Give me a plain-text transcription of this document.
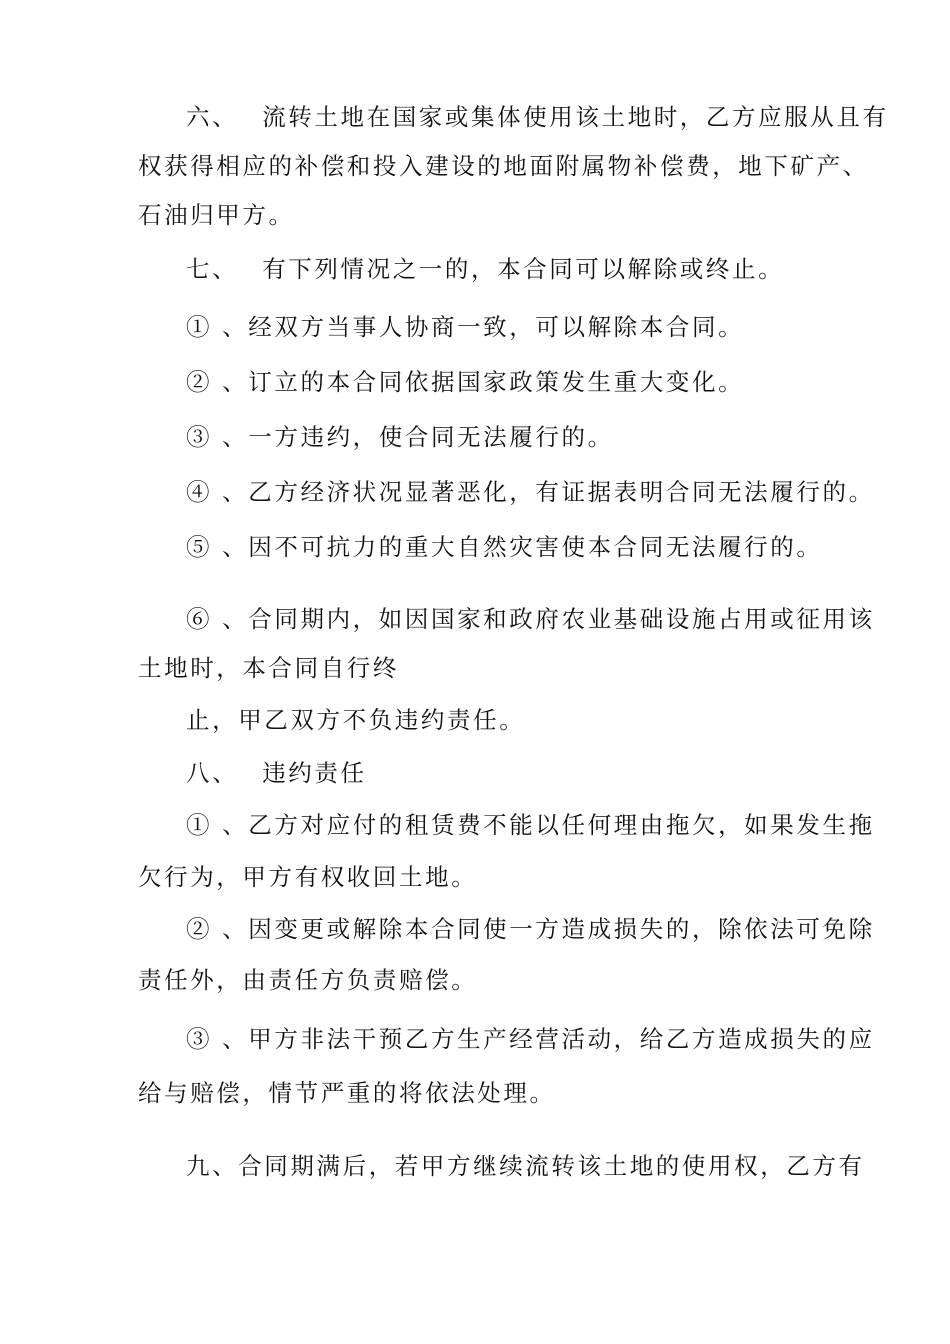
六、 流转土地在国家或集体使用该土地时，乙方应服从且有
权获得相应的补偿和投入建设的地面附属物补偿费，地下矿产、
石油归甲方。
七、 有下列情况之一的，本合同可以解除或终止。
① 、经双方当事人协商一致，可以解除本合同。
② 、订立的本合同依据国家政策发生重大变化。
③ 、一方违约，使合同无法履行的。
④ 、乙方经济状况显著恶化，有证据表明合同无法履行的。
⑤ 、因不可抗力的重大自然灾害使本合同无法履行的。
⑥ 、合同期内，如因国家和政府农业基础设施占用或征用该
土地时，本合同自行终
止，甲乙双方不负违约责任。
八、 违约责任
① 、乙方对应付的租赁费不能以任何理由拖欠，如果发生拖
欠行为，甲方有权收回土地。
② 、因变更或解除本合同使一方造成损失的，除依法可免除
责任外，由责任方负责赔偿。
③ 、甲方非法干预乙方生产经营活动，给乙方造成损失的应
给与赔偿，情节严重的将依法处理。
九、合同期满后，若甲方继续流转该土地的使用权，乙方有
